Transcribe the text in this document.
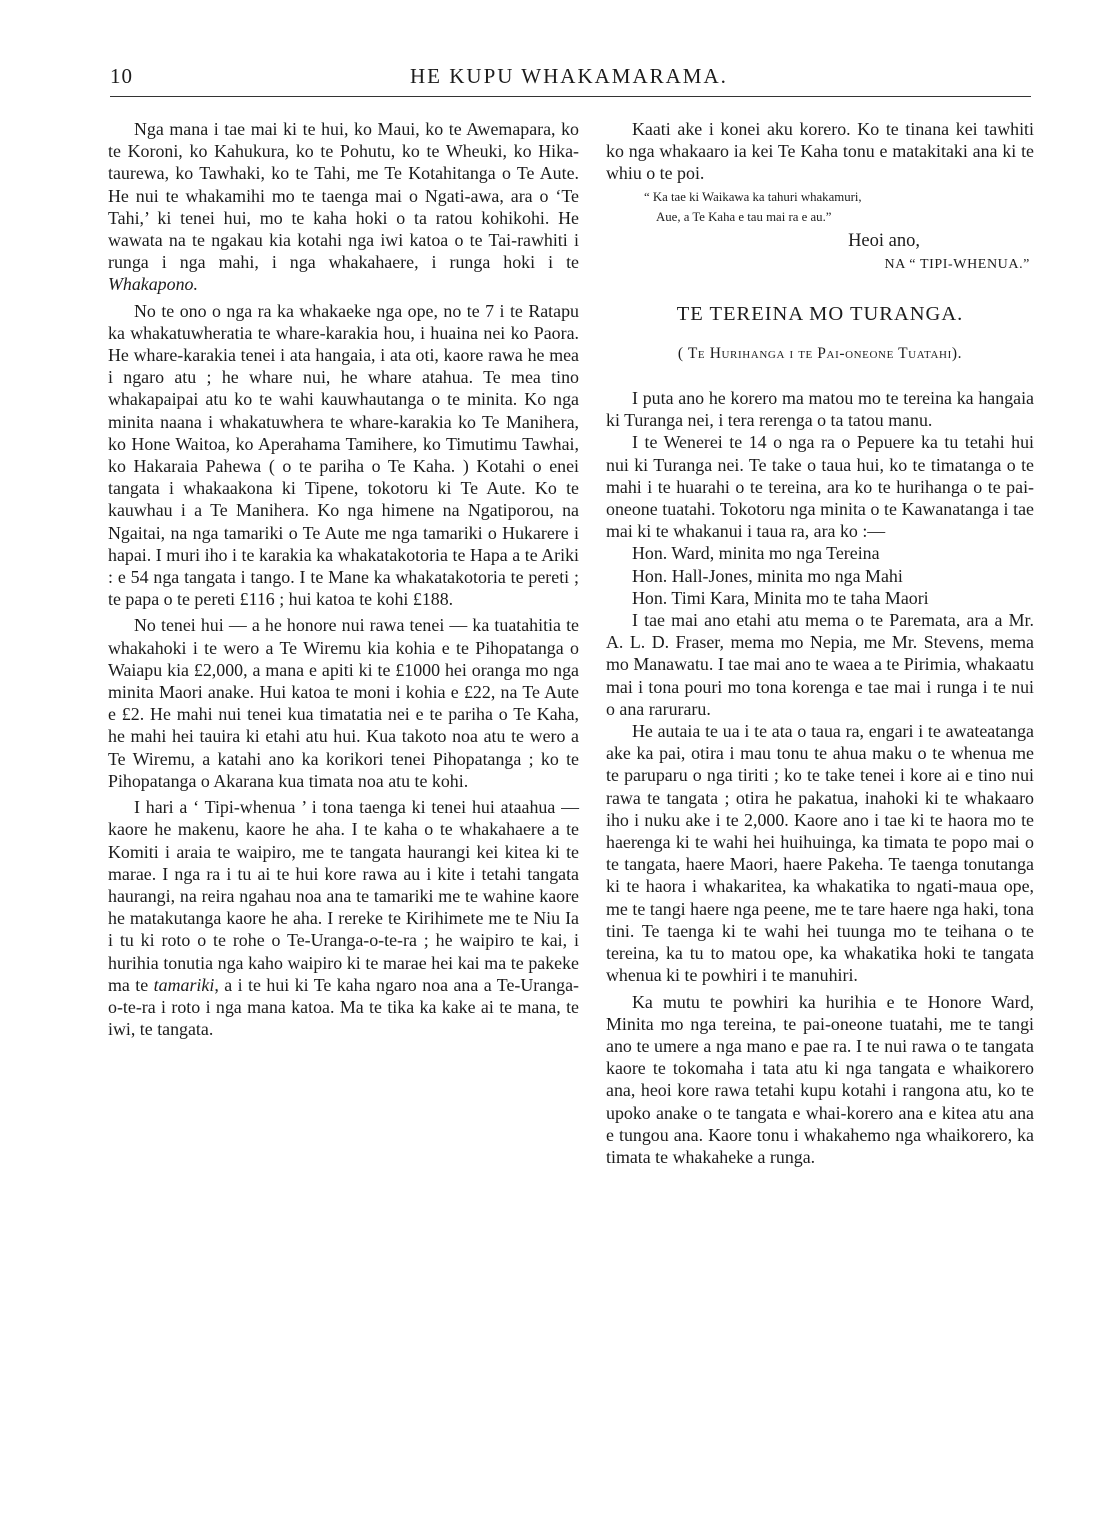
10	HE KUPU WHAKAMARAMA.

Nga mana i tae mai ki te hui, ko Maui, ko te Awemapara, ko te Koroni, ko Kahukura, ko te Pohutu, ko te Wheuki, ko Hika-taurewa, ko Tawhaki, ko te Tahi, me Te Kotahitanga o Te Aute. He nui te whakamihi mo te taenga mai o Ngati-awa, ara o ‘Te Tahi,’ ki tenei hui, mo te kaha hoki o ta ratou kohikohi. He wawata na te ngakau kia kotahi nga iwi katoa o te Tai-rawhiti i runga i nga mahi, i nga whakahaere, i runga hoki i te Whakapono.

No te ono o nga ra ka whakaeke nga ope, no te 7 i te Ratapu ka whakatuwheratia te whare-karakia hou, i huaina nei ko Paora. He whare-karakia tenei i ata hangaia, i ata oti, kaore rawa he mea i ngaro atu ; he whare nui, he whare atahua. Te mea tino whakapaipai atu ko te wahi kauwhautanga o te minita. Ko nga minita naana i whakatuwhera te whare-karakia ko Te Manihera, ko Hone Waitoa, ko Aperahama Tamihere, ko Timutimu Tawhai, ko Hakaraia Pahewa ( o te pariha o Te Kaha. ) Kotahi o enei tangata i whakaakona ki Tipene, tokotoru ki Te Aute. Ko te kauwhau i a Te Manihera. Ko nga himene na Ngatiporou, na Ngaitai, na nga tamariki o Te Aute me nga tamariki o Hukarere i hapai. I muri iho i te karakia ka whakatakotoria te Hapa a te Ariki : e 54 nga tangata i tango. I te Mane ka whakatakotoria te pereti ; te papa o te pereti £116 ; hui katoa te kohi £188.

No tenei hui — a he honore nui rawa tenei — ka tuatahitia te whakahoki i te wero a Te Wiremu kia kohia e te Pihopatanga o Waiapu kia £2,000, a mana e apiti ki te £1000 hei oranga mo nga minita Maori anake. Hui katoa te moni i kohia e £22, na Te Aute e £2. He mahi nui tenei kua timatatia nei e te pariha o Te Kaha, he mahi hei tauira ki etahi atu hui. Kua takoto noa atu te wero a Te Wiremu, a katahi ano ka korikori tenei Pihopatanga ; ko te Pihopatanga o Akarana kua timata noa atu te kohi.

I hari a ‘ Tipi-whenua ’ i tona taenga ki tenei hui ataahua — kaore he makenu, kaore he aha. I te kaha o te whakahaere a te Komiti i araia te waipiro, me te tangata haurangi kei kitea ki te marae. I nga ra i tu ai te hui kore rawa au i kite i tetahi tangata haurangi, na reira ngahau noa ana te tamariki me te wahine kaore he matakutanga kaore he aha. I rereke te Kirihimete me te Niu Ia i tu ki roto o te rohe o Te-Uranga-o-te-ra ; he waipiro te kai, i hurihia tonutia nga kaho waipiro ki te marae hei kai ma te pakeke ma te tamariki, a i te hui ki Te kaha ngaro noa ana a Te-Uranga-o-te-ra i roto i nga mana katoa. Ma te tika ka kake ai te mana, te iwi, te tangata.

Kaati ake i konei aku korero. Ko te tinana kei tawhiti ko nga whakaaro ia kei Te Kaha tonu e matakitaki ana ki te whiu o te poi.

“ Ka tae ki Waikawa ka tahuri whakamuri,
Aue, a Te Kaha e tau mai ra e au.”
Heoi ano,
NA “ TIPI-WHENUA.”
TE TEREINA MO TURANGA.
( Te Hurihanga i te Pai-oneone Tuatahi).

I puta ano he korero ma matou mo te tereina ka hangaia ki Turanga nei, i tera rerenga o ta tatou manu.

I te Wenerei te 14 o nga ra o Pepuere ka tu tetahi hui nui ki Turanga nei. Te take o taua hui, ko te timatanga o te mahi i te huarahi o te tereina, ara ko te hurihanga o te pai-oneone tuatahi. Tokotoru nga minita o te Kawanatanga i tae mai ki te whakanui i taua ra, ara ko :—

Hon. Ward, minita mo nga Tereina

Hon. Hall-Jones, minita mo nga Mahi

Hon. Timi Kara, Minita mo te taha Maori

I tae mai ano etahi atu mema o te Paremata, ara a Mr. A. L. D. Fraser, mema mo Nepia, me Mr. Stevens, mema mo Manawatu. I tae mai ano te waea a te Pirimia, whakaatu mai i tona pouri mo tona korenga e tae mai i runga i te nui o ana raruraru.

He autaia te ua i te ata o taua ra, engari i te awateatanga ake ka pai, otira i mau tonu te ahua maku o te whenua me te paruparu o nga tiriti ; ko te take tenei i kore ai e tino nui rawa te tangata ; otira he pakatua, inahoki ki te whakaaro iho i nuku ake i te 2,000. Kaore ano i tae ki te haora mo te haerenga ki te wahi hei huihuinga, ka timata te popo mai o te tangata, haere Maori, haere Pakeha. Te taenga tonutanga ki te haora i whakaritea, ka whakatika to ngati-maua ope, me te tangi haere nga peene, me te tare haere nga haki, tona tini. Te taenga ki te wahi hei tuunga mo te teihana o te tereina, ka tu to matou ope, ka whakatika hoki te tangata whenua ki te powhiri i te manuhiri.

Ka mutu te powhiri ka hurihia e te Honore Ward, Minita mo nga tereina, te pai-oneone tuatahi, me te tangi ano te umere a nga mano e pae ra. I te nui rawa o te tangata kaore te tokomaha i tata atu ki nga tangata e whaikorero ana, heoi kore rawa tetahi kupu kotahi i rangona atu, ko te upoko anake o te tangata e whai-korero ana e kitea atu ana e tungou ana. Kaore tonu i whakahemo nga whaikorero, ka timata te whakaheke a runga.
